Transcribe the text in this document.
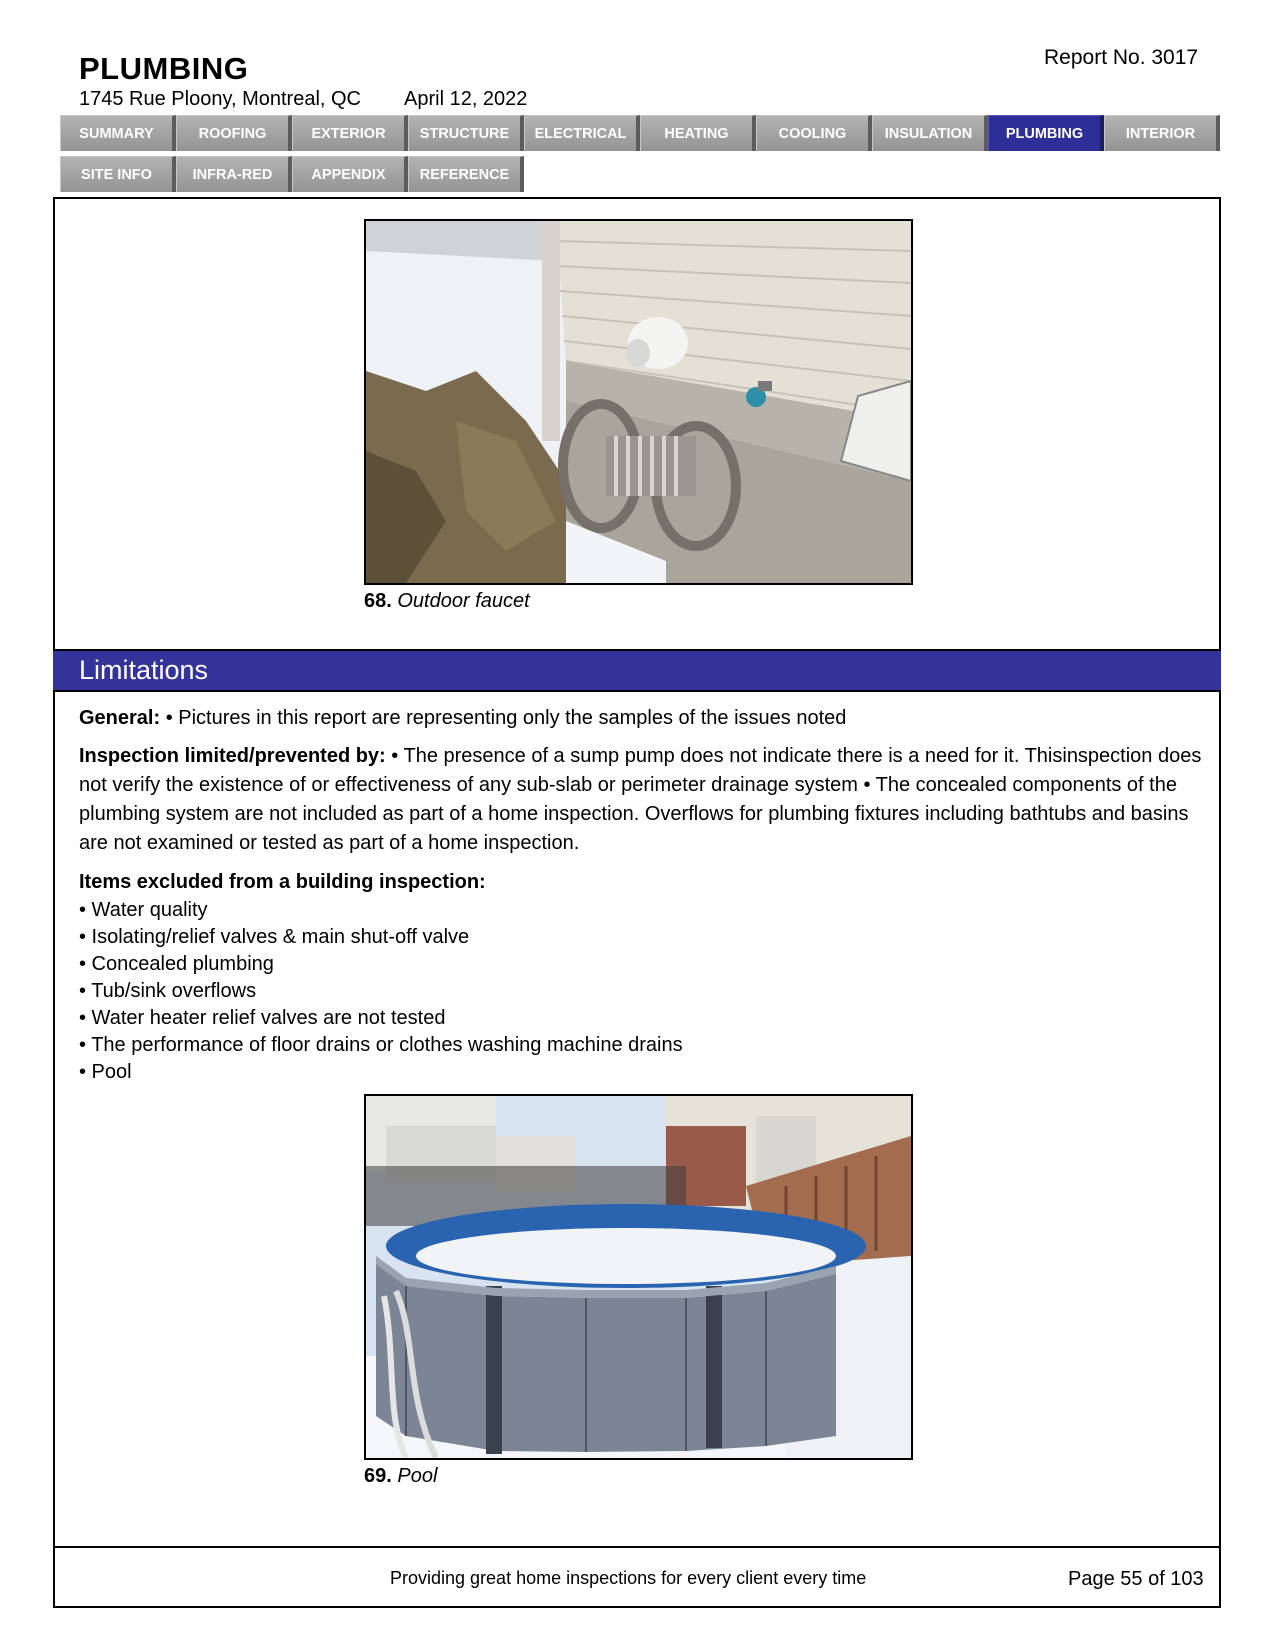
Report No. 3017
PLUMBING
1745 Rue Ploony, Montreal, QC April 12, 2022
SUMMARY	ROOFING	EXTERIOR	STRUCTURE	ELECTRICAL	HEATING	COOLING	INSULATION	PLUMBING	INTERIOR
SITE INFO	INFRA-RED	APPENDIX	REFERENCE
68. Outdoor faucet
Limitations
General: • Pictures in this report are representing only the samples of the issues noted
Inspection limited/prevented by: • The presence of a sump pump does not indicate there is a need for it. Thisinspection does not verify the existence of or effectiveness of any sub-slab or perimeter drainage system • The concealed components of the plumbing system are not included as part of a home inspection. Overflows for plumbing fixtures including bathtubs and basins are not examined or tested as part of a home inspection.
Items excluded from a building inspection:
• Water quality
• Isolating/relief valves & main shut-off valve
• Concealed plumbing
• Tub/sink overflows
• Water heater relief valves are not tested
• The performance of floor drains or clothes washing machine drains
• Pool
69. Pool
Providing great home inspections for every client every time	Page 55 of 103
